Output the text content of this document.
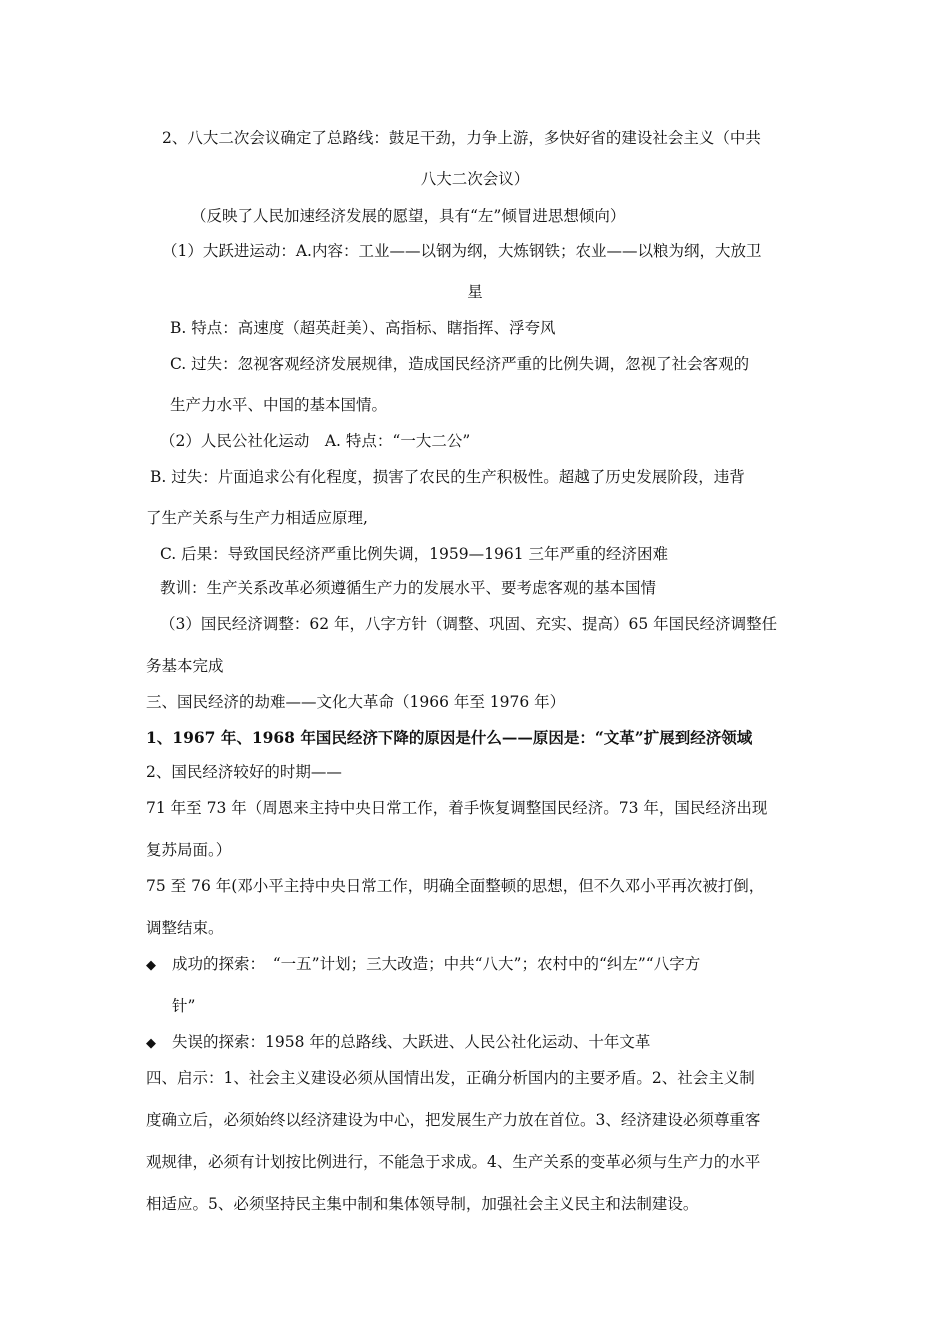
2、八大二次会议确定了总路线：鼓足干劲，力争上游，多快好省的建设社会主义（中共
八大二次会议）
（反映了人民加速经济发展的愿望，具有“左”倾冒进思想倾向）
（1）大跃进运动：A.内容：工业——以钢为纲，大炼钢铁；农业——以粮为纲，大放卫
星
B. 特点：高速度（超英赶美）、高指标、瞎指挥、浮夸风
C. 过失：忽视客观经济发展规律，造成国民经济严重的比例失调，忽视了社会客观的
生产力水平、中国的基本国情。
（2）人民公社化运动　A. 特点：“一大二公”
B. 过失：片面追求公有化程度，损害了农民的生产积极性。超越了历史发展阶段，违背
了生产关系与生产力相适应原理,
C. 后果：导致国民经济严重比例失调，1959—1961 三年严重的经济困难
教训：生产关系改革必须遵循生产力的发展水平、要考虑客观的基本国情
（3）国民经济调整：62 年，八字方针（调整、巩固、充实、提高）65 年国民经济调整任
务基本完成
三、国民经济的劫难——文化大革命（1966 年至 1976 年）
1、1967 年、1968 年国民经济下降的原因是什么——原因是：“文革”扩展到经济领域
2、国民经济较好的时期——
71 年至 73 年（周恩来主持中央日常工作，着手恢复调整国民经济。73 年，国民经济出现
复苏局面。）
75 至 76 年(邓小平主持中央日常工作，明确全面整顿的思想，但不久邓小平再次被打倒，
调整结束。
◆ 成功的探索：　“一五”计划；三大改造；中共“八大”；农村中的“纠左”“八字方
针”
◆ 失误的探索：1958 年的总路线、大跃进、人民公社化运动、十年文革
四、启示：1、社会主义建设必须从国情出发，正确分析国内的主要矛盾。2、社会主义制
度确立后，必须始终以经济建设为中心，把发展生产力放在首位。3、经济建设必须尊重客
观规律，必须有计划按比例进行，不能急于求成。4、生产关系的变革必须与生产力的水平
相适应。5、必须坚持民主集中制和集体领导制，加强社会主义民主和法制建设。
